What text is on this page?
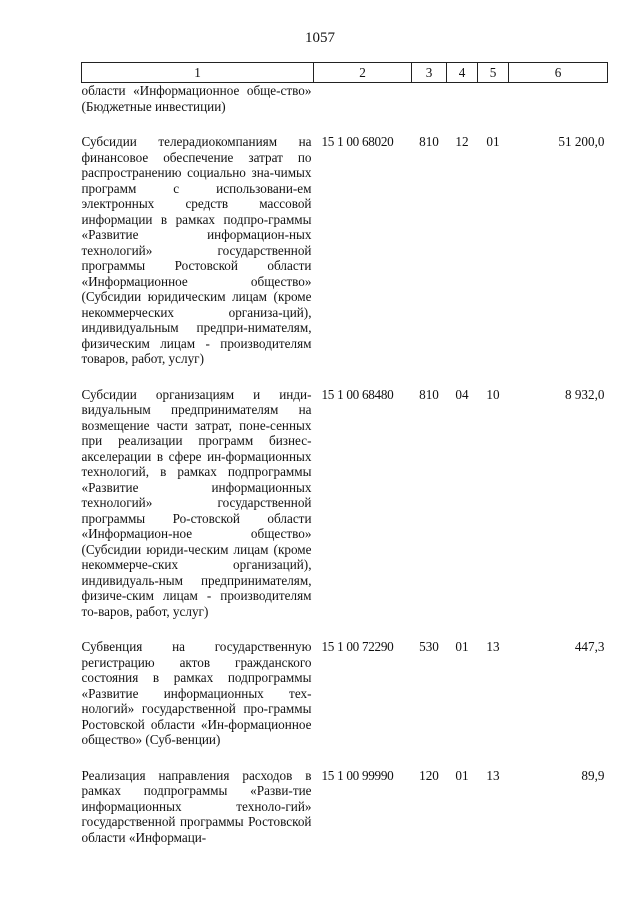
1057
1	2	3	4	5	6
области «Информационное обще-ство» (Бюджетные инвестиции)					
Субсидии телерадиокомпаниям на финансовое обеспечение затрат по распространению социально зна-чимых программ с использовани-ем электронных средств массовой информации в рамках подпро-граммы «Развитие информацион-ных технологий» государственной программы Ростовской области «Информационное общество» (Субсидии юридическим лицам (кроме некоммерческих организа-ций), индивидуальным предпри-нимателям, физическим лицам - производителям товаров, работ, услуг)	15 1 00 68020	810	12	01	51 200,0
Субсидии организациям и инди-видуальным предпринимателям на возмещение части затрат, поне-сенных при реализации программ бизнес-акселерации в сфере ин-формационных технологий, в рамках подпрограммы «Развитие информационных технологий» государственной программы Ро-стовской области «Информацион-ное общество» (Субсидии юриди-ческим лицам (кроме некоммерче-ских организаций), индивидуаль-ным предпринимателям, физиче-ским лицам - производителям то-варов, работ, услуг)	15 1 00 68480	810	04	10	8 932,0
Субвенция на государственную регистрацию актов гражданского состояния в рамках подпрограммы «Развитие информационных тех-нологий» государственной про-граммы Ростовской области «Ин-формационное общество» (Суб-венции)	15 1 00 72290	530	01	13	447,3
Реализация направления расходов в рамках подпрограммы «Разви-тие информационных техноло-гий» государственной программы Ростовской области «Информаци-	15 1 00 99990	120	01	13	89,9
